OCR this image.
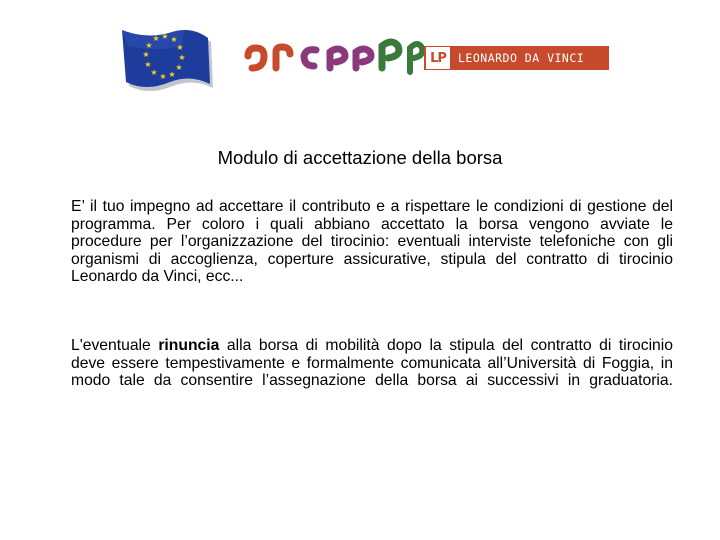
★ ★
★
★
★
★
★
★
★
★
★
★
LP	LEONARDO DA VINCI
Modulo di accettazione della borsa

E’ il tuo impegno ad accettare il contributo e a rispettare le condizioni di gestione del programma. Per coloro i quali abbiano accettato la borsa vengono avviate le procedure per l’organizzazione del tirocinio: eventuali interviste telefoniche con gli organismi di accoglienza, coperture assicurative, stipula del contratto di tirocinio Leonardo da Vinci, ecc...

L'eventuale rinuncia alla borsa di mobilità dopo la stipula del contratto di tirocinio deve essere tempestivamente e formalmente comunicata all’Università di Foggia, in modo tale da consentire l’assegnazione della borsa ai successivi in graduatoria.
